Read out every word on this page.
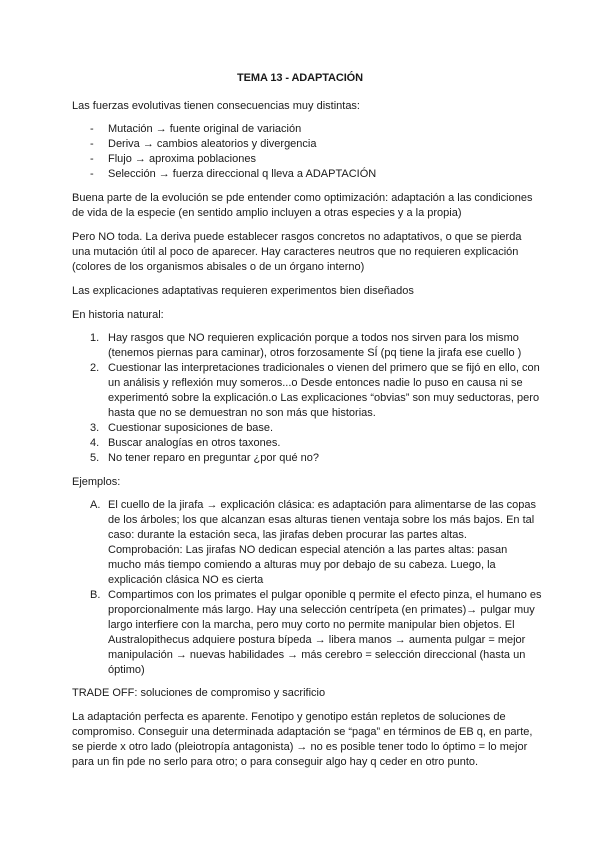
TEMA 13 - ADAPTACIÓN

Las fuerzas evolutivas tienen consecuencias muy distintas:

- Mutación → fuente original de variación
- Deriva → cambios aleatorios y divergencia
- Flujo → aproxima poblaciones
- Selección → fuerza direccional q lleva a ADAPTACIÓN

Buena parte de la evolución se pde entender como optimización: adaptación a las condiciones de vida de la especie (en sentido amplio incluyen a otras especies y a la propia)

Pero NO toda. La deriva puede establecer rasgos concretos no adaptativos, o que se pierda una mutación útil al poco de aparecer. Hay caracteres neutros que no requieren explicación (colores de los organismos abisales o de un órgano interno)

Las explicaciones adaptativas requieren experimentos bien diseñados

En historia natural:

1. Hay rasgos que NO requieren explicación porque a todos nos sirven para los mismo (tenemos piernas para caminar), otros forzosamente SÍ (pq tiene la jirafa ese cuello )
2. Cuestionar las interpretaciones tradicionales o vienen del primero que se fijó en ello, con un análisis y reflexión muy someros...o Desde entonces nadie lo puso en causa ni se experimentó sobre la explicación.o Las explicaciones “obvias” son muy seductoras, pero hasta que no se demuestran no son más que historias.
3. Cuestionar suposiciones de base.
4. Buscar analogías en otros taxones.
5. No tener reparo en preguntar ¿por qué no?

Ejemplos:

A. El cuello de la jirafa → explicación clásica: es adaptación para alimentarse de las copas de los árboles; los que alcanzan esas alturas tienen ventaja sobre los más bajos. En tal caso: durante la estación seca, las jirafas deben procurar las partes altas. Comprobación: Las jirafas NO dedican especial atención a las partes altas: pasan mucho más tiempo comiendo a alturas muy por debajo de su cabeza. Luego, la explicación clásica NO es cierta
B. Compartimos con los primates el pulgar oponible q permite el efecto pinza, el humano es proporcionalmente más largo. Hay una selección centrípeta (en primates)→ pulgar muy largo interfiere con la marcha, pero muy corto no permite manipular bien objetos. El Australopithecus adquiere postura bípeda → libera manos → aumenta pulgar = mejor manipulación → nuevas habilidades → más cerebro = selección direccional (hasta un óptimo)

TRADE OFF: soluciones de compromiso y sacrificio

La adaptación perfecta es aparente. Fenotipo y genotipo están repletos de soluciones de compromiso. Conseguir una determinada adaptación se “paga” en términos de EB q, en parte, se pierde x otro lado (pleiotropía antagonista) → no es posible tener todo lo óptimo = lo mejor para un fin pde no serlo para otro; o para conseguir algo hay q ceder en otro punto.
